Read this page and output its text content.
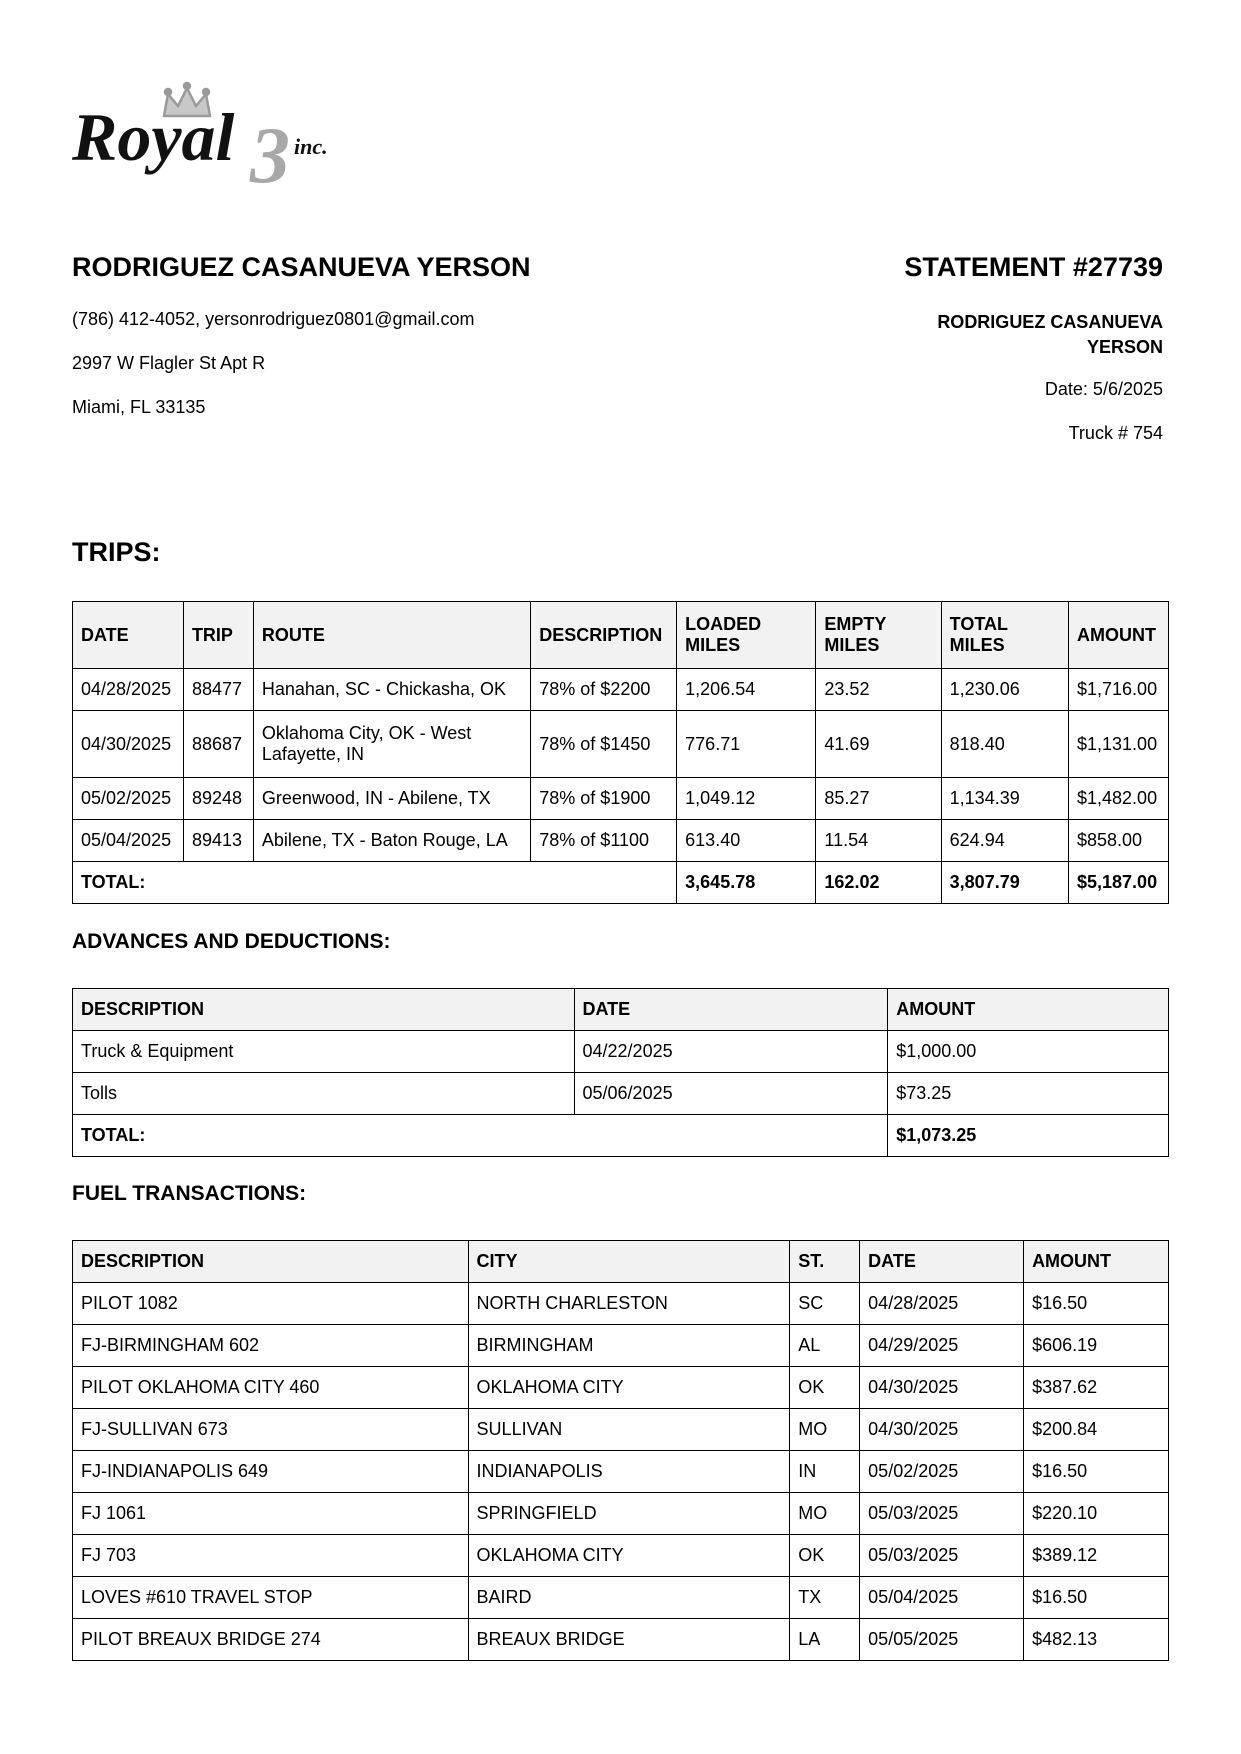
Royal 3 inc.
RODRIGUEZ CASANUEVA YERSON

(786) 412-4052, yersonrodriguez0801@gmail.com

2997 W Flagler St Apt R

Miami, FL 33135

STATEMENT #27739
RODRIGUEZ CASANUEVA YERSON
Date: 5/6/2025
Truck # 754
TRIPS:
DATE	TRIP	ROUTE	DESCRIPTION	LOADED MILES	EMPTY MILES	TOTAL MILES	AMOUNT
04/28/2025	88477	Hanahan, SC - Chickasha, OK	78% of $2200	1,206.54	23.52	1,230.06	$1,716.00
04/30/2025	88687	Oklahoma City, OK - West Lafayette, IN	78% of $1450	776.71	41.69	818.40	$1,131.00
05/02/2025	89248	Greenwood, IN - Abilene, TX	78% of $1900	1,049.12	85.27	1,134.39	$1,482.00
05/04/2025	89413	Abilene, TX - Baton Rouge, LA	78% of $1100	613.40	11.54	624.94	$858.00
TOTAL:				3,645.78	162.02	3,807.79	$5,187.00
ADVANCES AND DEDUCTIONS:
DESCRIPTION	DATE	AMOUNT
Truck & Equipment	04/22/2025	$1,000.00
Tolls	05/06/2025	$73.25
TOTAL:		$1,073.25
FUEL TRANSACTIONS:
DESCRIPTION	CITY	ST.	DATE	AMOUNT
PILOT 1082	NORTH CHARLESTON	SC	04/28/2025	$16.50
FJ-BIRMINGHAM 602	BIRMINGHAM	AL	04/29/2025	$606.19
PILOT OKLAHOMA CITY 460	OKLAHOMA CITY	OK	04/30/2025	$387.62
FJ-SULLIVAN 673	SULLIVAN	MO	04/30/2025	$200.84
FJ-INDIANAPOLIS 649	INDIANAPOLIS	IN	05/02/2025	$16.50
FJ 1061	SPRINGFIELD	MO	05/03/2025	$220.10
FJ 703	OKLAHOMA CITY	OK	05/03/2025	$389.12
LOVES #610 TRAVEL STOP	BAIRD	TX	05/04/2025	$16.50
PILOT BREAUX BRIDGE 274	BREAUX BRIDGE	LA	05/05/2025	$482.13
